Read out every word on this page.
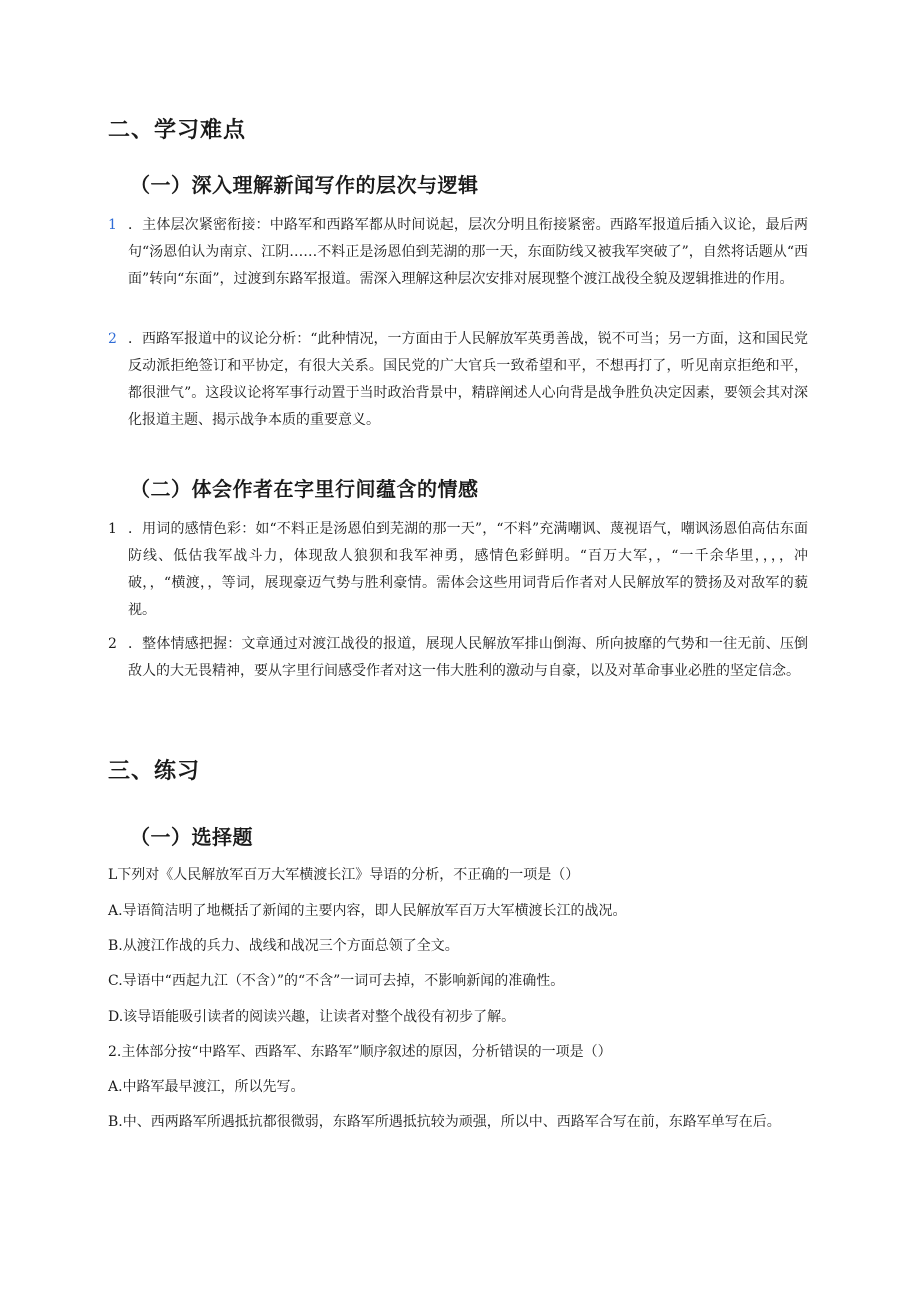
二、学习难点
（一）深入理解新闻写作的层次与逻辑
1 ．主体层次紧密衔接：中路军和西路军都从时间说起，层次分明且衔接紧密。西路军报道后插入议论，最后两句“汤恩伯认为南京、江阴……不料正是汤恩伯到芜湖的那一天，东面防线又被我军突破了”，自然将话题从“西面”转向“东面”，过渡到东路军报道。需深入理解这种层次安排对展现整个渡江战役全貌及逻辑推进的作用。
2 ．西路军报道中的议论分析：“此种情况，一方面由于人民解放军英勇善战，锐不可当；另一方面，这和国民党反动派拒绝签订和平协定，有很大关系。国民党的广大官兵一致希望和平，不想再打了，听见南京拒绝和平，都很泄气”。这段议论将军事行动置于当时政治背景中，精辟阐述人心向背是战争胜负决定因素，要领会其对深化报道主题、揭示战争本质的重要意义。
（二）体会作者在字里行间蕴含的情感
1 ．用词的感情色彩：如“不料正是汤恩伯到芜湖的那一天”，“不料”充满嘲讽、蔑视语气，嘲讽汤恩伯高估东面防线、低估我军战斗力，体现敌人狼狈和我军神勇，感情色彩鲜明。“百万大军，，“一千余华里，，，，冲破，，“横渡，，等词，展现豪迈气势与胜利豪情。需体会这些用词背后作者对人民解放军的赞扬及对敌军的藐视。
2 ．整体情感把握：文章通过对渡江战役的报道，展现人民解放军排山倒海、所向披靡的气势和一往无前、压倒敌人的大无畏精神，要从字里行间感受作者对这一伟大胜利的激动与自豪，以及对革命事业必胜的坚定信念。
三、练习
（一）选择题
L下列对《人民解放军百万大军横渡长江》导语的分析，不正确的一项是（）
A.导语简洁明了地概括了新闻的主要内容，即人民解放军百万大军横渡长江的战况。
B.从渡江作战的兵力、战线和战况三个方面总领了全文。
C.导语中“西起九江（不含）”的“不含”一词可去掉，不影响新闻的准确性。
D.该导语能吸引读者的阅读兴趣，让读者对整个战役有初步了解。
2.主体部分按“中路军、西路军、东路军”顺序叙述的原因，分析错误的一项是（）
A.中路军最早渡江，所以先写。
B.中、西两路军所遇抵抗都很微弱，东路军所遇抵抗较为顽强，所以中、西路军合写在前，东路军单写在后。
